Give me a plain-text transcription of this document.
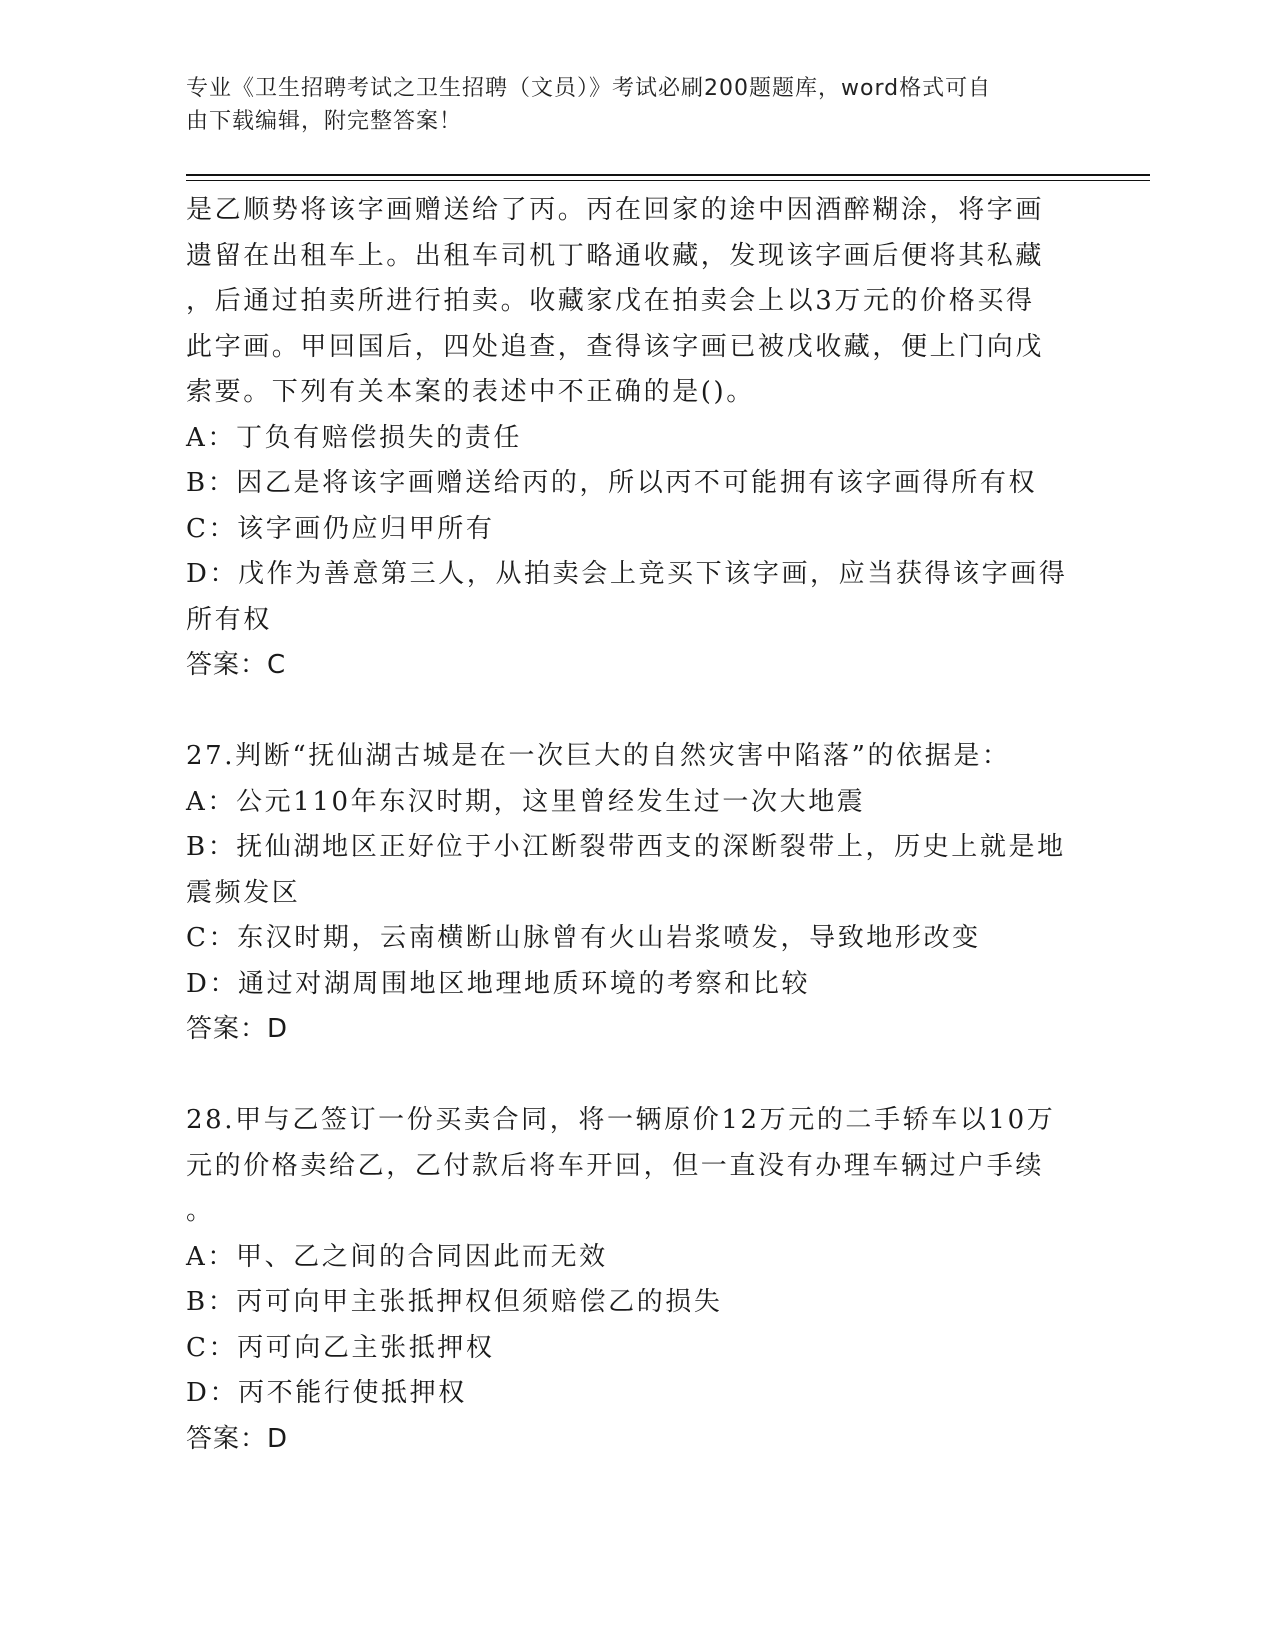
专业《卫生招聘考试之卫生招聘（文员）》考试必刷200题题库，word格式可自
由下载编辑，附完整答案！
是乙顺势将该字画赠送给了丙。丙在回家的途中因酒醉糊涂，将字画
遗留在出租车上。出租车司机丁略通收藏，发现该字画后便将其私藏
，后通过拍卖所进行拍卖。收藏家戊在拍卖会上以3万元的价格买得
此字画。甲回国后，四处追查，查得该字画已被戊收藏，便上门向戊
索要。下列有关本案的表述中不正确的是()。
A：丁负有赔偿损失的责任
B：因乙是将该字画赠送给丙的，所以丙不可能拥有该字画得所有权
C：该字画仍应归甲所有
D：戊作为善意第三人，从拍卖会上竞买下该字画，应当获得该字画得
所有权
答案：C
27.判断“抚仙湖古城是在一次巨大的自然灾害中陷落”的依据是：
A：公元110年东汉时期，这里曾经发生过一次大地震
B：抚仙湖地区正好位于小江断裂带西支的深断裂带上，历史上就是地
震频发区
C：东汉时期，云南横断山脉曾有火山岩浆喷发，导致地形改变
D：通过对湖周围地区地理地质环境的考察和比较
答案：D
28.甲与乙签订一份买卖合同，将一辆原价12万元的二手轿车以10万
元的价格卖给乙，乙付款后将车开回，但一直没有办理车辆过户手续
。
A：甲、乙之间的合同因此而无效
B：丙可向甲主张抵押权但须赔偿乙的损失
C：丙可向乙主张抵押权
D：丙不能行使抵押权
答案：D
